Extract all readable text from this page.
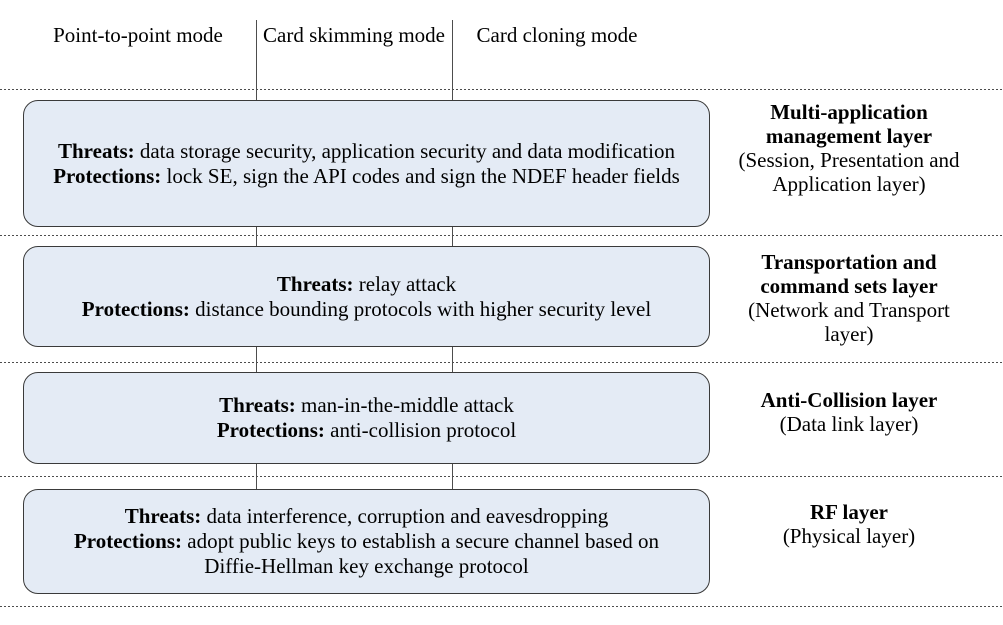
Point-to-point mode	Card skimming mode	Card cloning mode
Threats: data storage security, application security and data modification
Protections: lock SE, sign the API codes and sign the NDEF header fields
Threats: relay attack
Protections: distance bounding protocols with higher security level
Threats: man-in-the-middle attack
Protections: anti-collision protocol
Threats: data interference, corruption and eavesdropping
Protections: adopt public keys to establish a secure channel based on Diffie-Hellman key exchange protocol
Multi-application management layer
(Session, Presentation and Application layer)
Transportation and command sets layer
(Network and Transport layer)
Anti-Collision layer
(Data link layer)
RF layer
(Physical layer)
